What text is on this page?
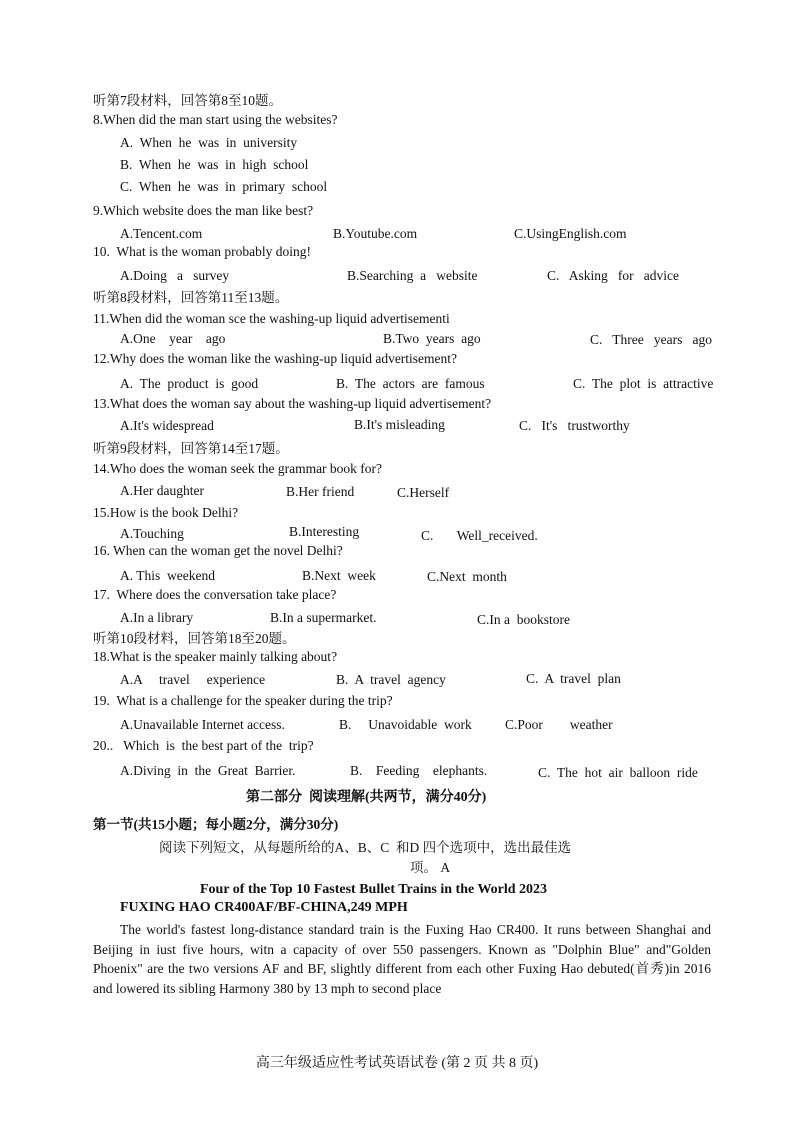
听第7段材料，回答第8至10题。
8.When did the man start using the websites?
A.  When  he  was  in  university
B.  When  he  was  in  high  school
C.  When  he  was  in  primary  school
9.Which website does the man like best?
A.Tencent.com	B.Youtube.com	C.UsingEnglish.com
10.  What is the woman probably doing!
A.Doing   a   survey	B.Searching  a   website	C.   Asking   for   advice
听第8段材料，回答第11至13题。
11.When did the woman sce the washing-up liquid advertisementi
A.One    year    ago	B.Two  years  ago	C.   Three   years   ago
12.Why does the woman like the washing-up liquid advertisement?
A.  The  product  is  good	B.  The  actors  are  famous	C.  The  plot  is  attractive
13.What does the woman say about the washing-up liquid advertisement?
A.It's widespread	B.It's misleading	C.   It's   trustworthy
听第9段材料，回答第14至17题。
14.Who does the woman seek the grammar book for?
A.Her daughter	B.Her friend	C.Herself
15.How is the book Delhi?
A.Touching	B.Interesting	C.       Well_received.
16. When can the woman get the novel Delhi?
A. This  weekend	B.Next  week	C.Next  month
17.  Where does the conversation take place?
A.In a library	B.In a supermarket.	C.In a  bookstore
听第10段材料，回答第18至20题。
18.What is the speaker mainly talking about?
A.A     travel     experience	B.  A  travel  agency	C.  A  travel  plan
19.  What is a challenge for the speaker during the trip?
A.Unavailable Internet access.	B.     Unavoidable  work C.Poor        weather
20..   Which  is  the best part of the  trip?
A.Diving  in  the  Great  Barrier.	B.    Feeding    elephants.	C.  The  hot  air  balloon  ride
第二部分  阅读理解(共两节，满分40分)
第一节(共15小题；每小题2分，满分30分)
阅读下列短文，从每题所给的A、B、C  和D 四个选项中，选出最佳选
项。 A
Four of the Top 10 Fastest Bullet Trains in the World 2023
FUXING HAO CR400AF/BF-CHINA,249 MPH
The world's fastest long-distance standard train is the Fuxing Hao CR400. It runs between Shanghai and Beijing in iust five hours, witn a capacity of over 550 passengers. Known as "Dolphin Blue" and"Golden Phoenix" are the two versions AF and BF, slightly different from each other Fuxing Hao debuted(首秀)in 2016 and lowered its sibling Harmony 380 by 13 mph to second place
高三年级适应性考试英语试卷 (第 2 页 共 8 页)
